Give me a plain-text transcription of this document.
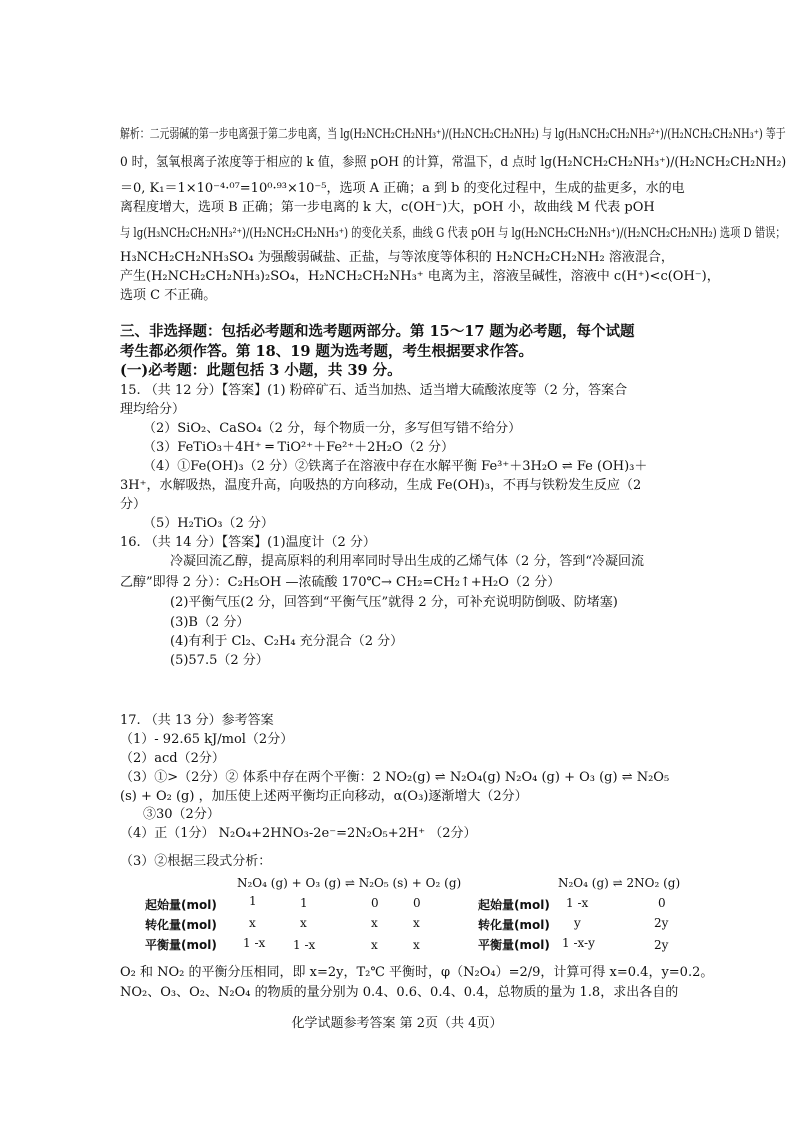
解析：二元弱碱的第一步电离强于第二步电离，当 lg(H₂NCH₂CH₂NH₃⁺)/(H₂NCH₂CH₂NH₂) 与 lg(H₃NCH₂CH₂NH₃²⁺)/(H₂NCH₂CH₂NH₃⁺) 等于
0 时，氢氧根离子浓度等于相应的 k 值，参照 pOH 的计算，常温下，d 点时 lg(H₂NCH₂CH₂NH₃⁺)/(H₂NCH₂CH₂NH₂)
＝0, K₁＝1×10⁻⁴·⁰⁷=10⁰·⁹³×10⁻⁵，选项 A 正确；a 到 b 的变化过程中，生成的盐更多，水的电
离程度增大，选项 B 正确；第一步电离的 k 大，c(OH⁻)大，pOH 小，故曲线 M 代表 pOH
与 lg(H₃NCH₂CH₂NH₃²⁺)/(H₂NCH₂CH₂NH₃⁺) 的变化关系，曲线 G 代表 pOH 与 lg(H₂NCH₂CH₂NH₃⁺)/(H₂NCH₂CH₂NH₂) 选项 D 错误；
H₃NCH₂CH₂NH₃SO₄ 为强酸弱碱盐、正盐，与等浓度等体积的 H₂NCH₂CH₂NH₂ 溶液混合，
产生(H₂NCH₂CH₂NH₃)₂SO₄，H₂NCH₂CH₂NH₃⁺ 电离为主，溶液呈碱性，溶液中 c(H⁺)<c(OH⁻)，
选项 C 不正确。
三、非选择题：包括必考题和选考题两部分。第 15～17 题为必考题，每个试题
考生都必须作答。第 18、19 题为选考题，考生根据要求作答。
(一)必考题：此题包括 3 小题，共 39 分。
15. （共 12 分）【答案】(1) 粉碎矿石、适当加热、适当增大硫酸浓度等（2 分，答案合
理均给分）
（2）SiO₂、CaSO₄（2 分，每个物质一分，多写但写错不给分）
（3）FeTiO₃＋4H⁺ ═ TiO²⁺＋Fe²⁺＋2H₂O（2 分）
（4）①Fe(OH)₃（2 分）②铁离子在溶液中存在水解平衡 Fe³⁺＋3H₂O ⇌ Fe (OH)₃＋
3H⁺，水解吸热，温度升高，向吸热的方向移动，生成 Fe(OH)₃，不再与铁粉发生反应（2
分）
（5）H₂TiO₃（2 分）
16. （共 14 分）【答案】(1)温度计（2 分）
冷凝回流乙醇，提高原料的利用率同时导出生成的乙烯气体（2 分，答到“冷凝回流
乙醇”即得 2 分）：C₂H₅OH —浓硫酸 170℃→ CH₂=CH₂↑+H₂O（2 分）
(2)平衡气压(2 分，回答到“平衡气压”就得 2 分，可补充说明防倒吸、防堵塞)
(3)B（2 分）
(4)有利于 Cl₂、C₂H₄ 充分混合（2 分）
(5)57.5（2 分）
17. （共 13 分）参考答案
（1）- 92.65 kJ/mol（2分）
（2）acd（2分）
（3）①>（2分）② 体系中存在两个平衡：2 NO₂(g) ⇌ N₂O₄(g) N₂O₄ (g) + O₃ (g) ⇌ N₂O₅
(s) + O₂ (g) ，加压使上述两平衡均正向移动，α(O₃)逐渐增大（2分）
③30（2分）
（4）正（1分） N₂O₄+2HNO₃-2e⁻=2N₂O₅+2H⁺ （2分）
（3）②根据三段式分析：
N₂O₄ (g) + O₃ (g) ⇌ N₂O₅ (s) + O₂ (g)
起始量(mol)	1	1	0	0
转化量(mol)	x	x	x	x
平衡量(mol) 1 -x 1 -x	x	x
N₂O₄ (g) ⇌ 2NO₂ (g)
起始量(mol) 1 -x	0
转化量(mol) y	2y
平衡量(mol) 1 -x-y	2y
O₂ 和 NO₂ 的平衡分压相同，即 x=2y，T₂℃ 平衡时，φ（N₂O₄）=2/9，计算可得 x=0.4，y=0.2。
NO₂、O₃、O₂、N₂O₄ 的物质的量分别为 0.4、0.6、0.4、0.4，总物质的量为 1.8，求出各自的
化学试题参考答案 第 2页（共 4页）
